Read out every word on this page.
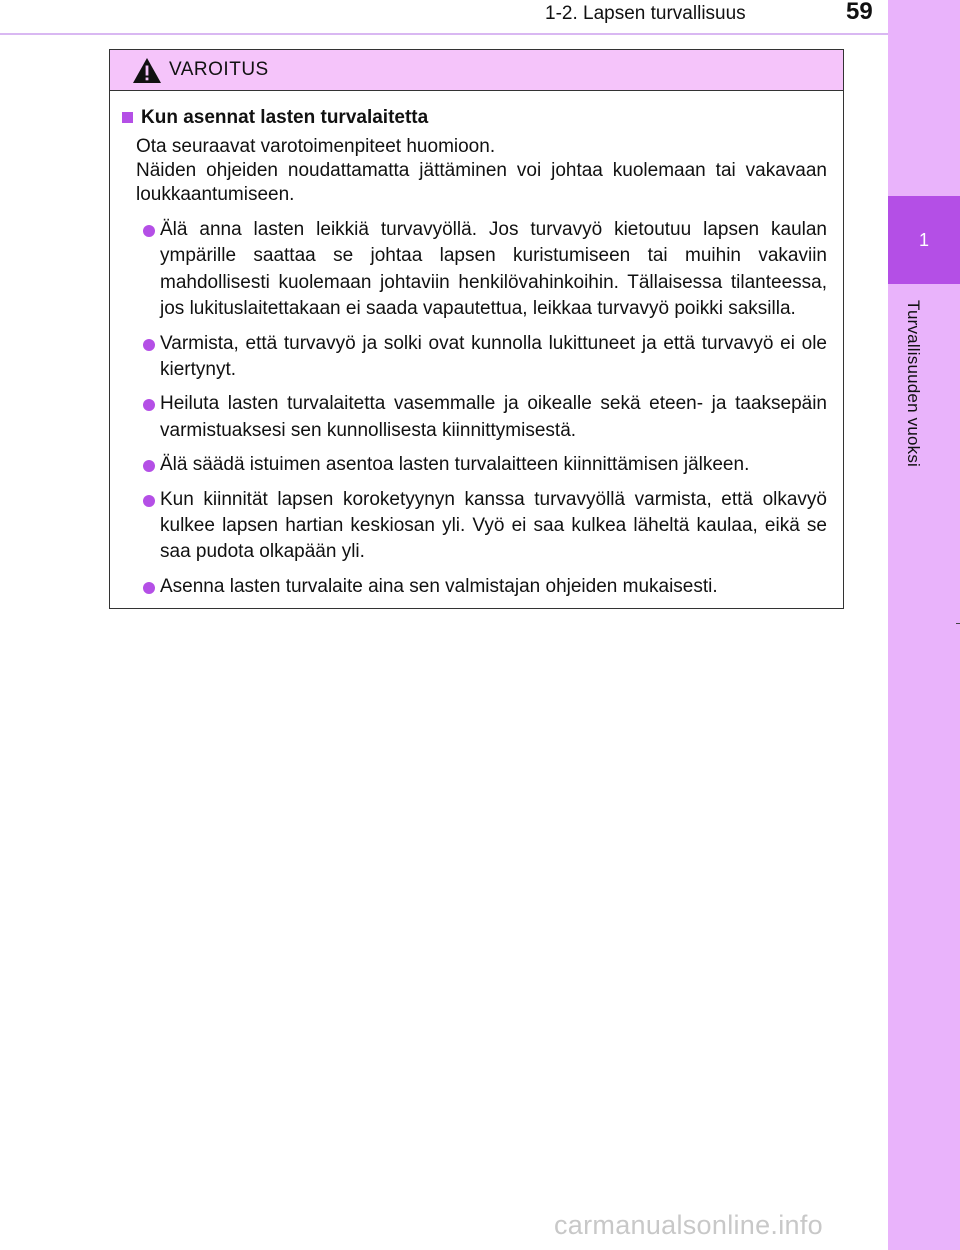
1-2. Lapsen turvallisuus	59
1
Turvallisuuden vuoksi
VAROITUS
Kun asennat lasten turvalaitetta
Ota seuraavat varotoimenpiteet huomioon.
Näiden ohjeiden noudattamatta jättäminen voi johtaa kuolemaan tai vakavaan loukkaantumiseen.
Älä anna lasten leikkiä turvavyöllä. Jos turvavyö kietoutuu lapsen kaulan ympärille saattaa se johtaa lapsen kuristumiseen tai muihin vakaviin mahdollisesti kuolemaan johtaviin henkilövahinkoihin. Tällaisessa tilanteessa, jos lukituslaitettakaan ei saada vapautettua, leikkaa turvavyö poikki saksilla.
Varmista, että turvavyö ja solki ovat kunnolla lukittuneet ja että turvavyö ei ole kiertynyt.
Heiluta lasten turvalaitetta vasemmalle ja oikealle sekä eteen- ja taaksepäin varmistuaksesi sen kunnollisesta kiinnittymisestä.
Älä säädä istuimen asentoa lasten turvalaitteen kiinnittämisen jälkeen.
Kun kiinnität lapsen koroketyynyn kanssa turvavyöllä varmista, että olkavyö kulkee lapsen hartian keskiosan yli. Vyö ei saa kulkea läheltä kaulaa, eikä se saa pudota olkapään yli.
Asenna lasten turvalaite aina sen valmistajan ohjeiden mukaisesti.
carmanualsonline.info
